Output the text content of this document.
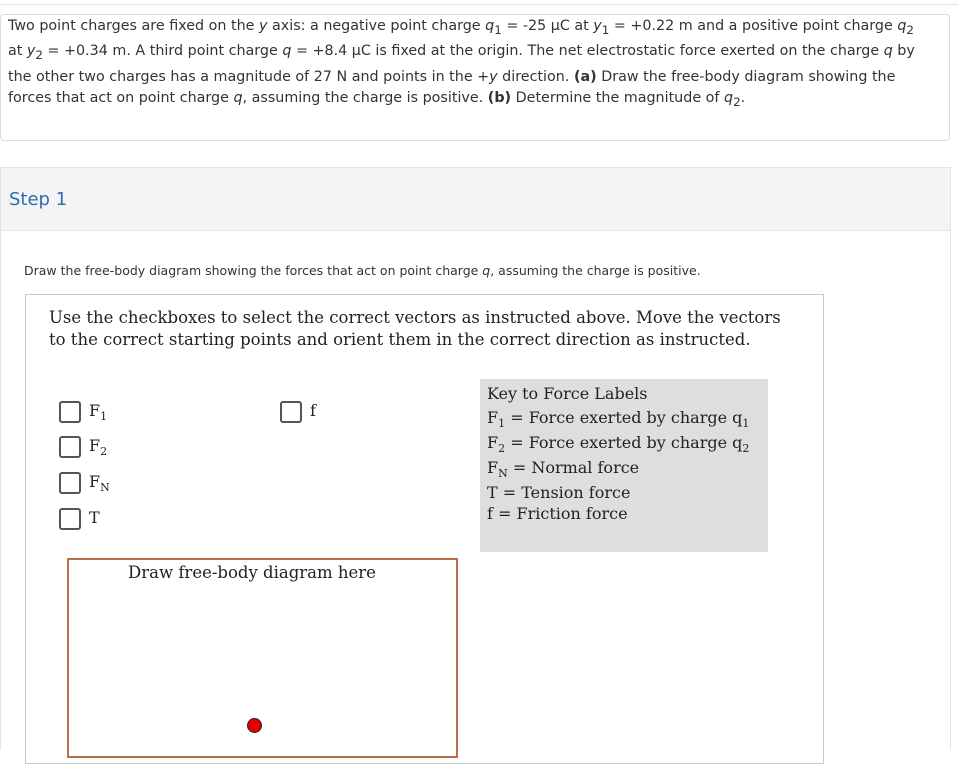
Two point charges are fixed on the y axis: a negative point charge $q_1 = -25$ μC at $y_1 = +0.22$ m and a positive point charge $q_2$ at $y_2 = +0.34$ m. A third point charge q = +8.4 μC is fixed at the origin. The net electrostatic force exerted on the charge q by the other two charges has a magnitude of 27 N and points in the +y direction. (a) Draw the free-body diagram showing the forces that act on point charge q, assuming the charge is positive. (b) Determine the magnitude of $q_2$.
Step 1
Draw the free-body diagram showing the forces that act on point charge q, assuming the charge is positive.
Use the checkboxes to select the correct vectors as instructed above. Move the vectors to the correct starting points and orient them in the correct direction as instructed.
$F_1$
$F_2$
$F_N$
T
f
Key to Force Labels
$F_1$ = Force exerted by charge $q_1$
$F_2$ = Force exerted by charge $q_2$
$F_N$ = Normal force
T = Tension force
f = Friction force
Draw free-body diagram here
